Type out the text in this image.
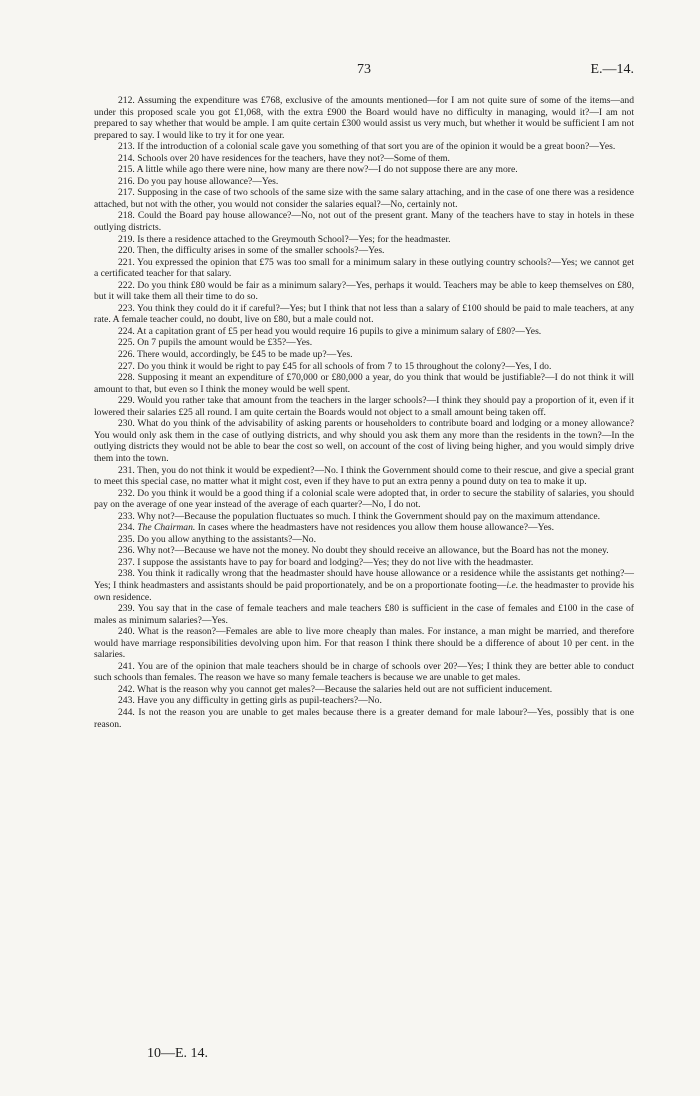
73	E.—14.

212. Assuming the expenditure was £768, exclusive of the amounts mentioned—for I am not quite sure of some of the items—and under this proposed scale you got £1,068, with the extra £900 the Board would have no difficulty in managing, would it?—I am not prepared to say whether that would be ample. I am quite certain £300 would assist us very much, but whether it would be sufficient I am not prepared to say. I would like to try it for one year.

213. If the introduction of a colonial scale gave you something of that sort you are of the opinion it would be a great boon?—Yes.

214. Schools over 20 have residences for the teachers, have they not?—Some of them.

215. A little while ago there were nine, how many are there now?—I do not suppose there are any more.

216. Do you pay house allowance?—Yes.

217. Supposing in the case of two schools of the same size with the same salary attaching, and in the case of one there was a residence attached, but not with the other, you would not consider the salaries equal?—No, certainly not.

218. Could the Board pay house allowance?—No, not out of the present grant. Many of the teachers have to stay in hotels in these outlying districts.

219. Is there a residence attached to the Greymouth School?—Yes; for the headmaster.

220. Then, the difficulty arises in some of the smaller schools?—Yes.

221. You expressed the opinion that £75 was too small for a minimum salary in these outlying country schools?—Yes; we cannot get a certificated teacher for that salary.

222. Do you think £80 would be fair as a minimum salary?—Yes, perhaps it would. Teachers may be able to keep themselves on £80, but it will take them all their time to do so.

223. You think they could do it if careful?—Yes; but I think that not less than a salary of £100 should be paid to male teachers, at any rate. A female teacher could, no doubt, live on £80, but a male could not.

224. At a capitation grant of £5 per head you would require 16 pupils to give a minimum salary of £80?—Yes.

225. On 7 pupils the amount would be £35?—Yes.

226. There would, accordingly, be £45 to be made up?—Yes.

227. Do you think it would be right to pay £45 for all schools of from 7 to 15 throughout the colony?—Yes, I do.

228. Supposing it meant an expenditure of £70,000 or £80,000 a year, do you think that would be justifiable?—I do not think it will amount to that, but even so I think the money would be well spent.

229. Would you rather take that amount from the teachers in the larger schools?—I think they should pay a proportion of it, even if it lowered their salaries £25 all round. I am quite certain the Boards would not object to a small amount being taken off.

230. What do you think of the advisability of asking parents or householders to contribute board and lodging or a money allowance? You would only ask them in the case of outlying districts, and why should you ask them any more than the residents in the town?—In the outlying districts they would not be able to bear the cost so well, on account of the cost of living being higher, and you would simply drive them into the town.

231. Then, you do not think it would be expedient?—No. I think the Government should come to their rescue, and give a special grant to meet this special case, no matter what it might cost, even if they have to put an extra penny a pound duty on tea to make it up.

232. Do you think it would be a good thing if a colonial scale were adopted that, in order to secure the stability of salaries, you should pay on the average of one year instead of the average of each quarter?—No, I do not.

233. Why not?—Because the population fluctuates so much. I think the Government should pay on the maximum attendance.

234. The Chairman. In cases where the headmasters have not residences you allow them house allowance?—Yes.

235. Do you allow anything to the assistants?—No.

236. Why not?—Because we have not the money. No doubt they should receive an allowance, but the Board has not the money.

237. I suppose the assistants have to pay for board and lodging?—Yes; they do not live with the headmaster.

238. You think it radically wrong that the headmaster should have house allowance or a residence while the assistants get nothing?—Yes; I think headmasters and assistants should be paid proportionately, and be on a proportionate footing—i.e. the headmaster to provide his own residence.

239. You say that in the case of female teachers and male teachers £80 is sufficient in the case of females and £100 in the case of males as minimum salaries?—Yes.

240. What is the reason?—Females are able to live more cheaply than males. For instance, a man might be married, and therefore would have marriage responsibilities devolving upon him. For that reason I think there should be a difference of about 10 per cent. in the salaries.

241. You are of the opinion that male teachers should be in charge of schools over 20?—Yes; I think they are better able to conduct such schools than females. The reason we have so many female teachers is because we are unable to get males.

242. What is the reason why you cannot get males?—Because the salaries held out are not sufficient inducement.

243. Have you any difficulty in getting girls as pupil-teachers?—No.

244. Is not the reason you are unable to get males because there is a greater demand for male labour?—Yes, possibly that is one reason.

10—E. 14.
